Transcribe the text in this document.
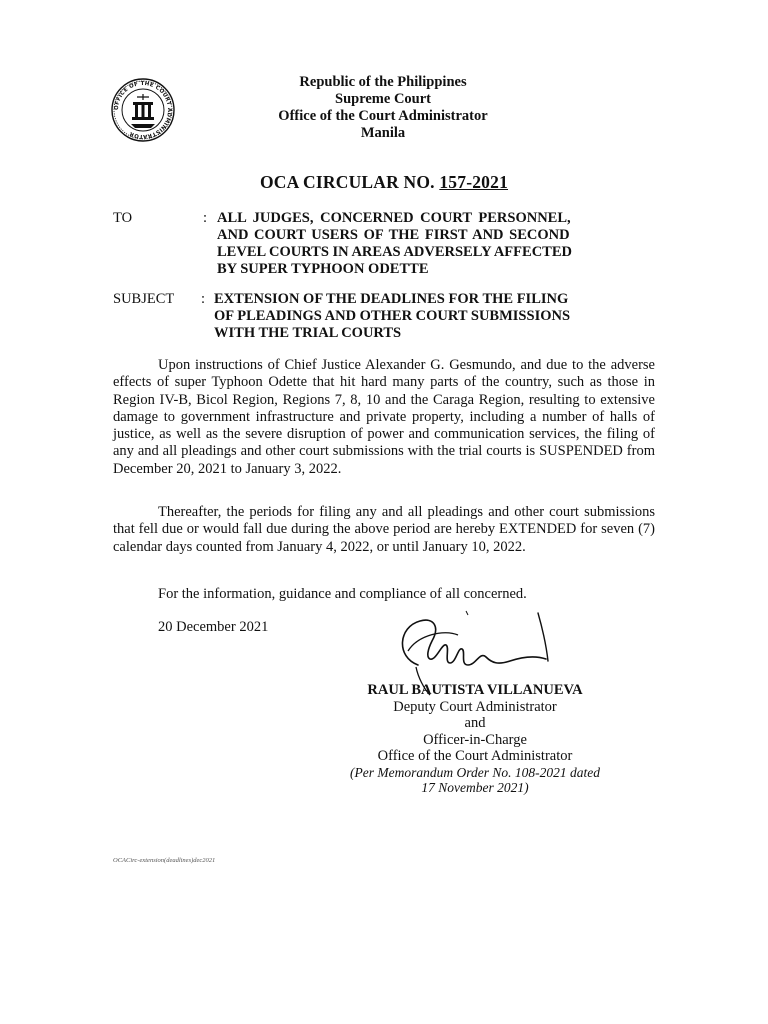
OFFICE OF THE COURT ADMINISTRATOR
Republic of the Philippines
Supreme Court
Office of the Court Administrator
Manila
OCA CIRCULAR NO. 157-2021
TO	: ALL JUDGES, CONCERNED COURT PERSONNEL,
AND COURT USERS OF THE FIRST AND SECOND
LEVEL COURTS IN AREAS ADVERSELY AFFECTED
BY SUPER TYPHOON ODETTE
SUBJECT : EXTENSION OF THE DEADLINES FOR THE FILING
OF PLEADINGS AND OTHER COURT SUBMISSIONS
WITH THE TRIAL COURTS
Upon instructions of Chief Justice Alexander G. Gesmundo, and due to the adverse effects of super Typhoon Odette that hit hard many parts of the country, such as those in Region IV-B, Bicol Region, Regions 7, 8, 10 and the Caraga Region, resulting to extensive damage to government infrastructure and private property, including a number of halls of justice, as well as the severe disruption of power and communication services, the filing of any and all pleadings and other court submissions with the trial courts is SUSPENDED from December 20, 2021 to January 3, 2022.
Thereafter, the periods for filing any and all pleadings and other court submissions that fell due or would fall due during the above period are hereby EXTENDED for seven (7) calendar days counted from January 4, 2022, or until January 10, 2022.
For the information, guidance and compliance of all concerned.
20 December 2021
RAUL BAUTISTA VILLANUEVA
Deputy Court Administrator
and
Officer-in-Charge
Office of the Court Administrator
(Per Memorandum Order No. 108-2021 dated
17 November 2021)
OCACirc-extension(deadlines)dec2021
